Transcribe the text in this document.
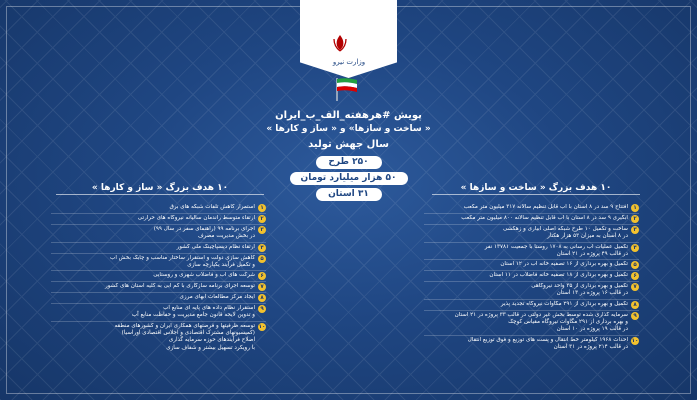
وزارت نیرو
پویش #هرهفته_الف_ب_ایران
« ساخت و سازها» و « ساز و کارها »
سال جهش تولید
۲۵۰ طرح
۵۰ هزار میلیارد تومان
۳۱ استان
۱۰ هدف بزرگ « ساخت و سازها »
۱۰ هدف بزرگ « ساز و کارها »
۱
افتتاح ۹ سد در ۸ استان با آب قابل تنظیم سالانه ۳۱۷ میلیون متر مکعب
۲
آبگیری ۹ سد در ۸ استان با آب قابل تنظیم سالانه ۸۰۰ میلیون متر مکعب
۳
ساخت و تکمیل ۱۰ طرح شبکه اصلی آبیاری و زهکشی
در ۸ استان به میزان ۵۳ هزار هکتار
۴
تکمیل عملیات آب رسانی به ۱۷۰۸ روستا با جمعیت ۱۳۷۸۱ نفر
در قالب ۴۹ پروژه در ۲۱ استان
۵
تکمیل و بهره برداری از ۱۶ تصفیه خانه آب در ۱۲ استان
۶
تکمیل و بهره برداری از ۱۸ تصفیه خانه فاضلاب در ۱۱ استان
۷
تکمیل و بهره برداری از ۳۵ واحد نیروگاهی
در قالب ۱۶ پروژه در ۱۳ استان
۸
تکمیل و بهره برداری از ۲۹۱ مگاوات نیروگاه تجدید پذیر
۹
سرمایه گذاری شده توسط بخش غیر دولتی در قالب ۳۳ پروژه در ۲۱ استان
و بهره برداری از ۲۹۱ مگاوات نیروگاه مقیاس کوچک
در قالب ۱۹ پروژه در ۱۰ استان
۱۰
احداث ۱۹۶۸ کیلومتر خط انتقال و پست های توزیع و فوق توزیع انتقال
در قالب ۲۱۴ پروژه در ۳۱ استان
۱
استمرار کاهش تلفات شبکه های برق
۲
ارتقاء متوسط راندمان سالیانه نیروگاه های حرارتی
۳
اجرای برنامه ۹۹ (راهنمای سفر در سال ۹۹)
در بخش مدیریت مصرف
۴
ارتقاء نظام دیسپاچینگ ملی کشور
۵
کاهش سازی دولت و استقرار ساختار مناسب و چابک بخش آب
و تکمیل فرآیند یکپارچه سازی
۶
شرکت های آب و فاضلاب شهری و روستایی
۷
توسعه اجرای برنامه سازگاری با کم آبی به کلیه استان های کشور
۸
ایجاد مرکز مطالعات آبهای مرزی
۹
استقرار نظام داده های پایه ای منابع آب
و تدوین لایحه قانون جامع مدیریت و حفاظت منابع آب
۱۰
توسعه ظرفیتها و فرصتهای همکاری ایران و کشورهای منطقه
(کمیسیونهای مشترک اقتصادی و اجلاس اقتصادی اوراسیا)
اصلاح فرآیندهای حوزه سرمایه گذاری
با رویکرد تسهیل بیشتر و شفاف سازی
